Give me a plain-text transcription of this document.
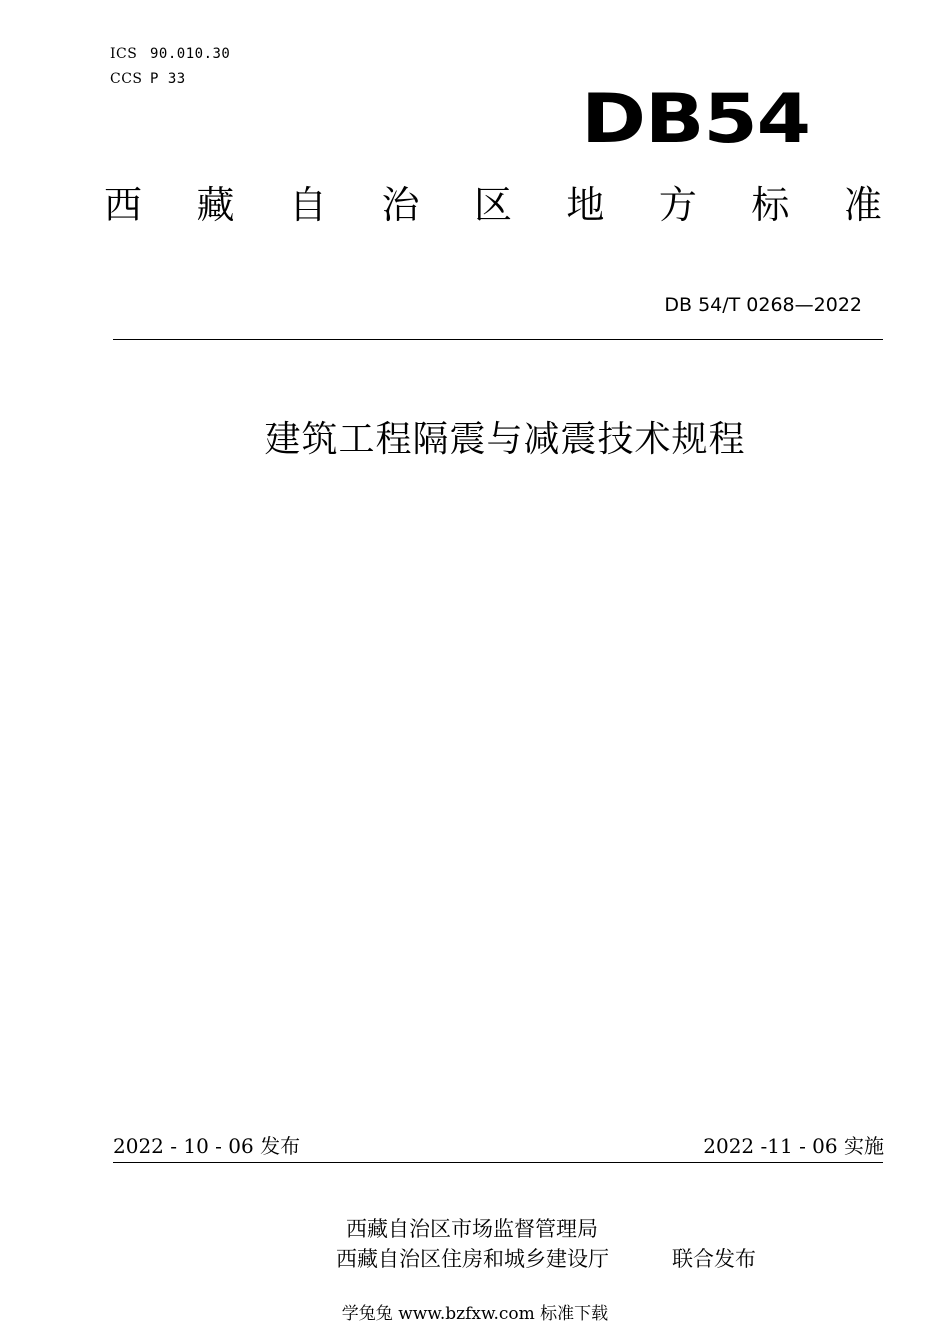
ICS 90.010.30
CCS P 33
DB54
西 藏 自 治 区 地 方 标 准
DB 54/T 0268—2022
建筑工程隔震与减震技术规程
2022 - 10 - 06 发布	2022 -11 - 06 实施
西藏自治区市场监督管理局
西藏自治区住房和城乡建设厅	联合发布
学兔兔 www.bzfxw.com 标准下载
